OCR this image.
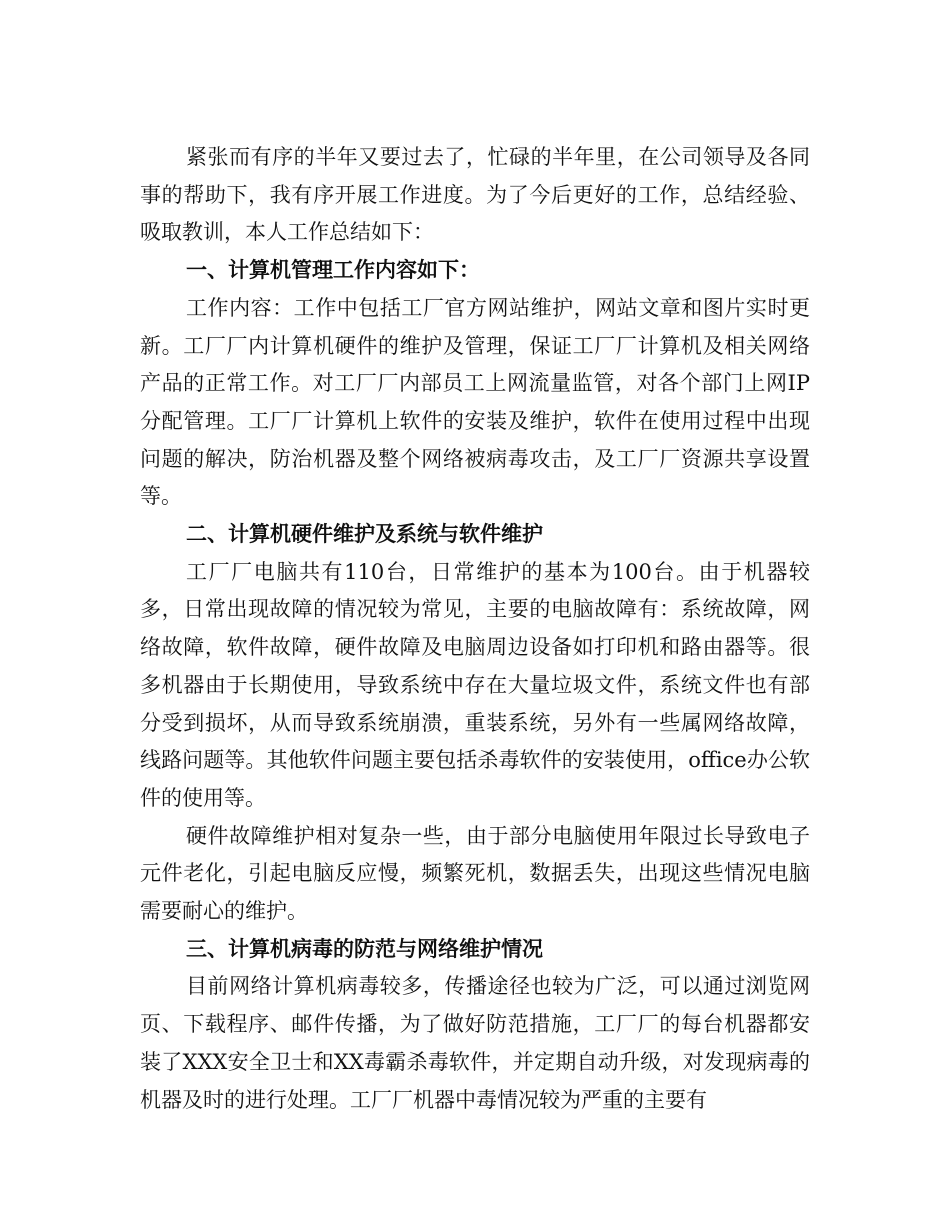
紧张而有序的半年又要过去了，忙碌的半年里，在公司领导及各同事的帮助下，我有序开展工作进度。为了今后更好的工作，总结经验、吸取教训，本人工作总结如下：

一、计算机管理工作内容如下：

工作内容：工作中包括工厂官方网站维护，网站文章和图片实时更新。工厂厂内计算机硬件的维护及管理，保证工厂厂计算机及相关网络产品的正常工作。对工厂厂内部员工上网流量监管，对各个部门上网IP分配管理。工厂厂计算机上软件的安装及维护，软件在使用过程中出现问题的解决，防治机器及整个网络被病毒攻击，及工厂厂资源共享设置等。

二、计算机硬件维护及系统与软件维护

工厂厂电脑共有110台，日常维护的基本为100台。由于机器较多，日常出现故障的情况较为常见，主要的电脑故障有：系统故障，网络故障，软件故障，硬件故障及电脑周边设备如打印机和路由器等。很多机器由于长期使用，导致系统中存在大量垃圾文件，系统文件也有部分受到损坏，从而导致系统崩溃，重装系统，另外有一些属网络故障，线路问题等。其他软件问题主要包括杀毒软件的安装使用，office办公软件的使用等。

硬件故障维护相对复杂一些，由于部分电脑使用年限过长导致电子元件老化，引起电脑反应慢，频繁死机，数据丢失，出现这些情况电脑需要耐心的维护。

三、计算机病毒的防范与网络维护情况

目前网络计算机病毒较多，传播途径也较为广泛，可以通过浏览网页、下载程序、邮件传播，为了做好防范措施，工厂厂的每台机器都安装了XXX安全卫士和XX毒霸杀毒软件，并定期自动升级，对发现病毒的机器及时的进行处理。工厂厂机器中毒情况较为严重的主要有
